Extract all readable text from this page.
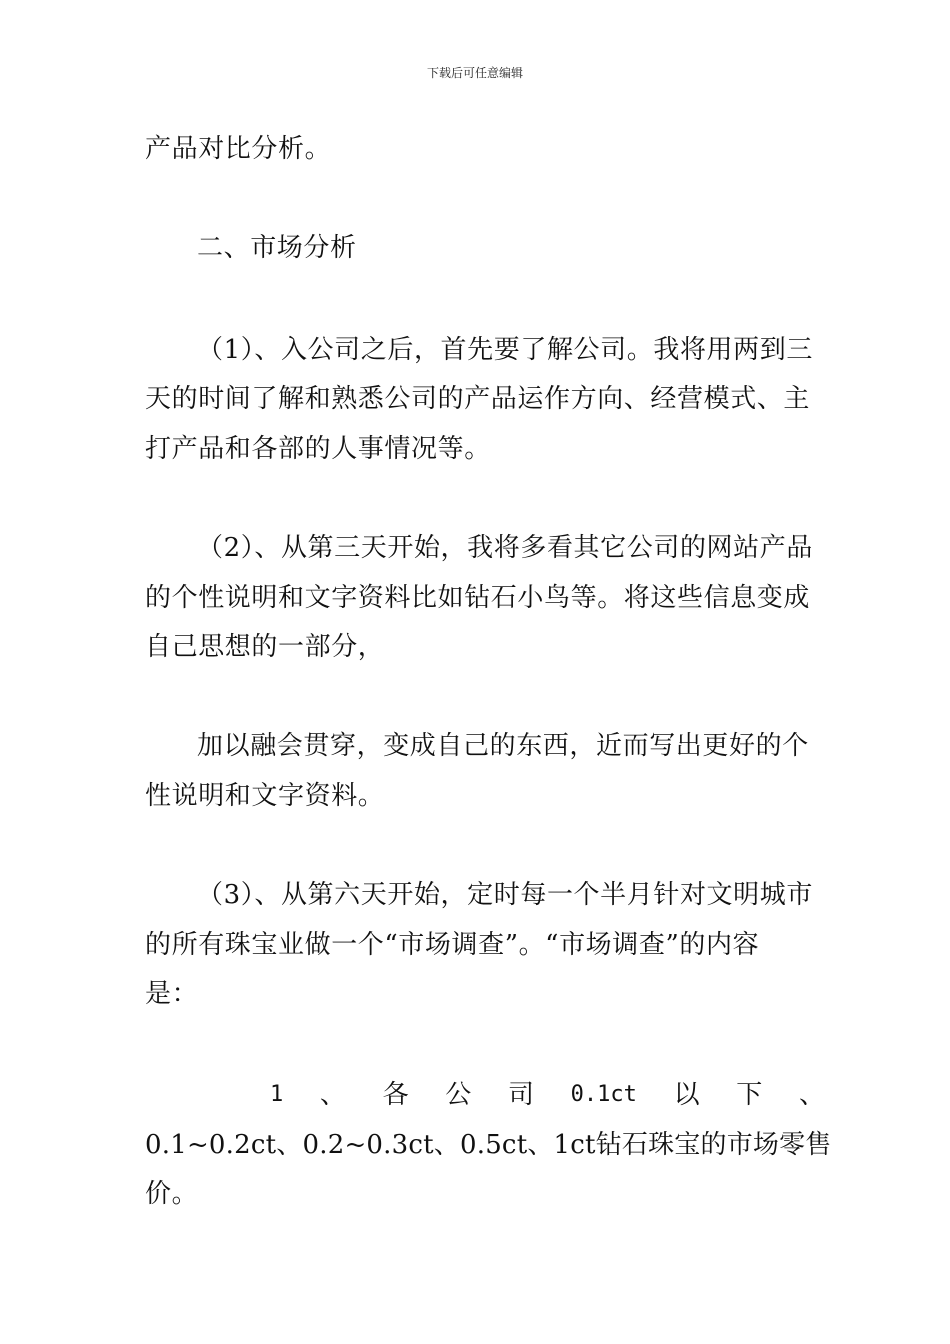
下载后可任意编辑
产品对比分析。
二、市场分析
（1）、入公司之后，首先要了解公司。我将用两到三
天的时间了解和熟悉公司的产品运作方向、经营模式、主
打产品和各部的人事情况等。
（2）、从第三天开始，我将多看其它公司的网站产品
的个性说明和文字资料比如钻石小鸟等。将这些信息变成
自己思想的一部分，
加以融会贯穿，变成自己的东西，近而写出更好的个
性说明和文字资料。
（3）、从第六天开始，定时每一个半月针对文明城市
的所有珠宝业做一个“市场调查”。“市场调查”的内容
是：
1 、 各 公 司 0.1ct 以 下 、
0.1~0.2ct、0.2~0.3ct、0.5ct、1ct钻石珠宝的市场零售
价。
